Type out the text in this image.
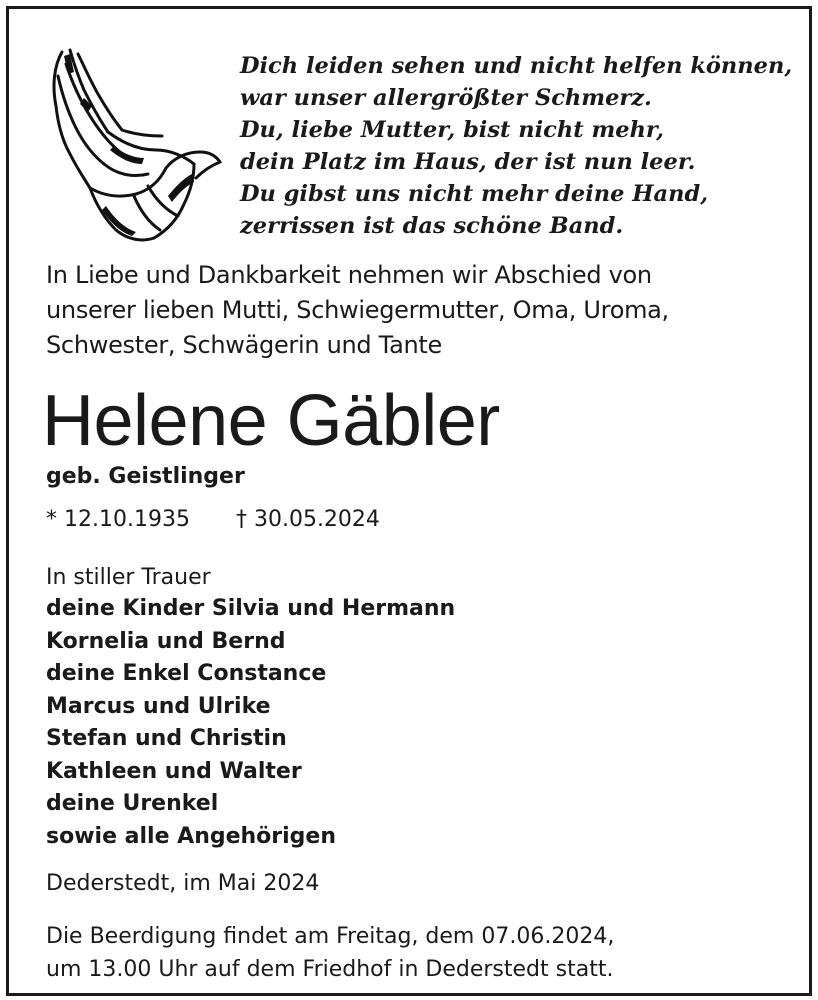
Dich leiden sehen und nicht helfen können,
war unser allergrößter Schmerz.
Du, liebe Mutter, bist nicht mehr,
dein Platz im Haus, der ist nun leer.
Du gibst uns nicht mehr deine Hand,
zerrissen ist das schöne Band.
In Liebe und Dankbarkeit nehmen wir Abschied von
unserer lieben Mutti, Schwiegermutter, Oma, Uroma,
Schwester, Schwägerin und Tante
Helene Gäbler
geb. Geistlinger
* 12.10.1935 † 30.05.2024
In stiller Trauer
deine Kinder Silvia und Hermann
Kornelia und Bernd
deine Enkel Constance
Marcus und Ulrike
Stefan und Christin
Kathleen und Walter
deine Urenkel
sowie alle Angehörigen
Dederstedt, im Mai 2024
Die Beerdigung findet am Freitag, dem 07.06.2024,
um 13.00 Uhr auf dem Friedhof in Dederstedt statt.
